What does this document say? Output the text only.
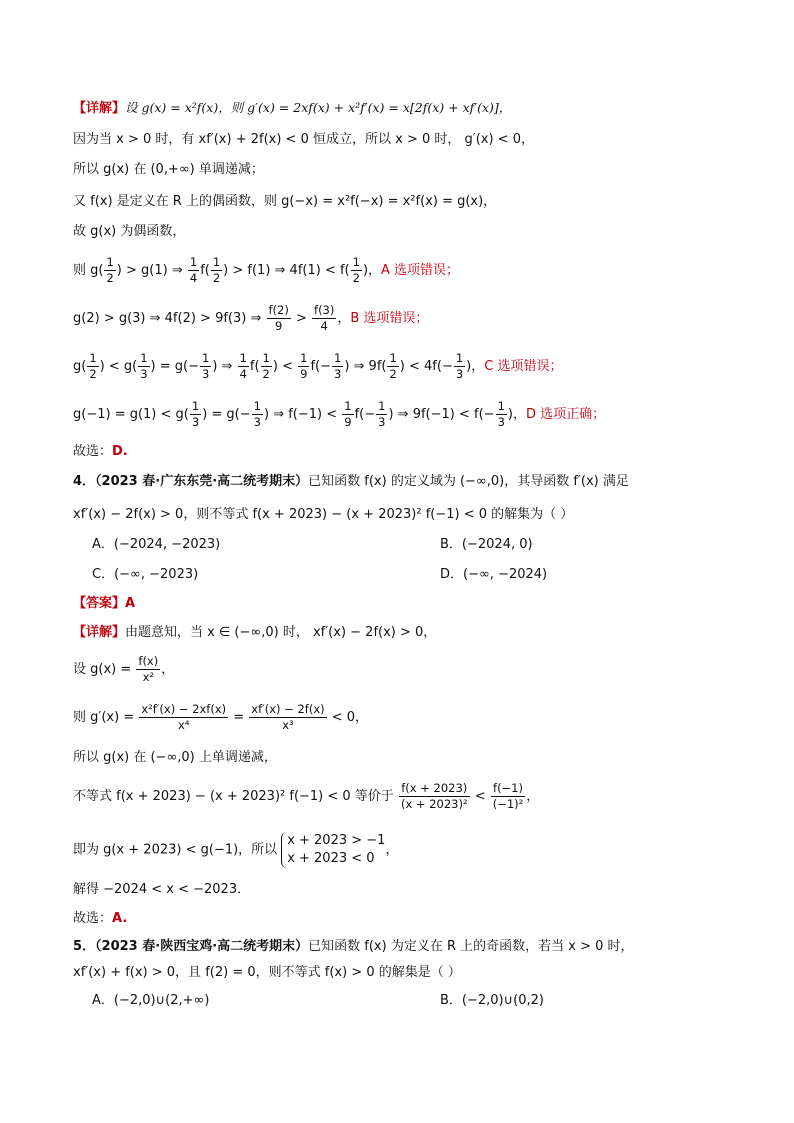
【详解】设 g(x) = x²f(x)，则 g′(x) = 2xf(x) + x²f′(x) = x[2f(x) + xf′(x)]，
因为当 x > 0 时，有 xf′(x) + 2f(x) < 0 恒成立，所以 x > 0 时， g′(x) < 0，
所以 g(x) 在 (0,+∞) 单调递减；
又 f(x) 是定义在 R 上的偶函数，则 g(−x) = x²f(−x) = x²f(x) = g(x)，
故 g(x) 为偶函数，
则 $g( \frac{1}{2}$ ) > g(1) ⇒ $\frac{1}{4} f( \frac{1}{2}$ ) > f(1) ⇒ $4f(1) < f( \frac{1}{2}$ )，A 选项错误；
g(2) > g(3) ⇒ 4f(2) > 9f(3) ⇒ $\frac{f(2)}{9} > \frac{f(3)}{4}$ ，B 选项错误；
$g( \frac{1}{2}$ ) < $g( \frac{1}{3}$ ) = $g(- \frac{1}{3}$ ) ⇒ $\frac{1}{4} f( \frac{1}{2}$ ) < $\frac{1}{9} f(- \frac{1}{3}$ ) ⇒ $9f( \frac{1}{2}$ ) < $4f(- \frac{1}{3}$ )，C 选项错误；
$g(-1) = g(1) < g( \frac{1}{3}$ ) = $g(- \frac{1}{3}$ ) ⇒ $f(-1) < \frac{1}{9} f(- \frac{1}{3}$ ) ⇒ $9f(-1) < f(- \frac{1}{3}$ )，D 选项正确；
故选：D.
4．（2023 春·广东东莞·高二统考期末）已知函数 f(x) 的定义域为 (−∞,0)，其导函数 f′(x) 满足
xf′(x) − 2f(x) > 0，则不等式 f(x + 2023) − (x + 2023)² f(−1) < 0 的解集为（ ）
A．(−2024, −2023)	B．(−2024, 0)
C．(−∞, −2023)	D．(−∞, −2024)
【答案】A
【详解】由题意知，当 x ∈ (−∞,0) 时， xf′(x) − 2f(x) > 0，
设 $g(x) = \frac{f(x)}{\text{x²}}$ ，
则 $g'(x) = \frac{\text{x²f′(x) − 2xf(x)}}{\text{x⁴}} = \frac{xf'(x) - 2f(x)}{\text{x³}} < 0$，
所以 g(x) 在 (−∞,0) 上单调递减，
不等式 f(x + 2023) − (x + 2023)² f(−1) < 0 等价于 $\frac{f(x + 2023)}{\text{(x + 2023)²}} < \frac{f(-1)}{\text{(−1)²}}$ ，
即为 g(x + 2023) < g(−1)，所以
x + 2023 > −1
x + 2023 < 0
，
解得 −2024 < x < −2023．
故选：A.
5．（2023 春·陕西宝鸡·高二统考期末）已知函数 f(x) 为定义在 R 上的奇函数，若当 x > 0 时，
xf′(x) + f(x) > 0，且 f(2) = 0，则不等式 f(x) > 0 的解集是（ ）
A．(−2,0)∪(2,+∞)	B．(−2,0)∪(0,2)
